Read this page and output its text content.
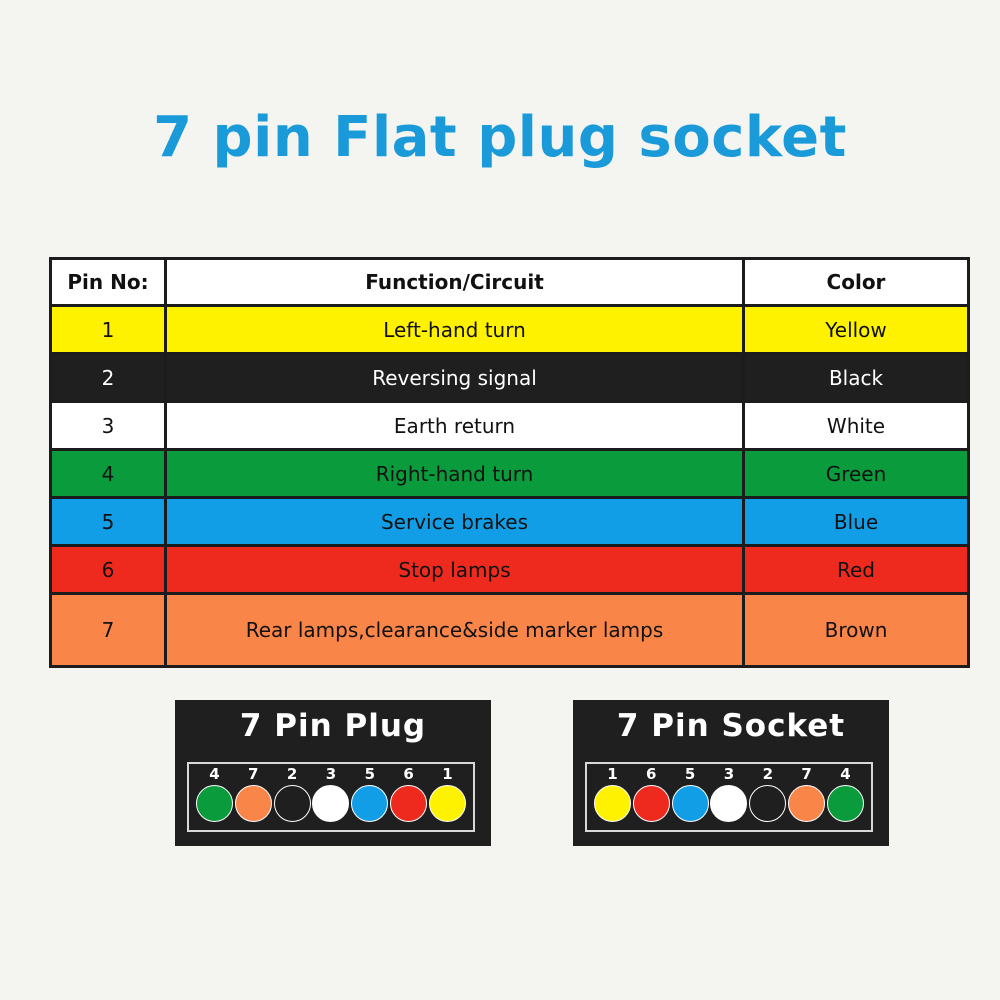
7 pin Flat plug socket
Pin No:	Function/Circuit	Color
1	Left-hand turn	Yellow
2	Reversing signal	Black
3	Earth return	White
4	Right-hand turn	Green
5	Service brakes	Blue
6	Stop lamps	Red
7	Rear lamps,clearance&side marker lamps	Brown
7 Pin Plug
4 7 2 3 5 6 1
7 Pin Socket
1 6 5 3 2 7 4
